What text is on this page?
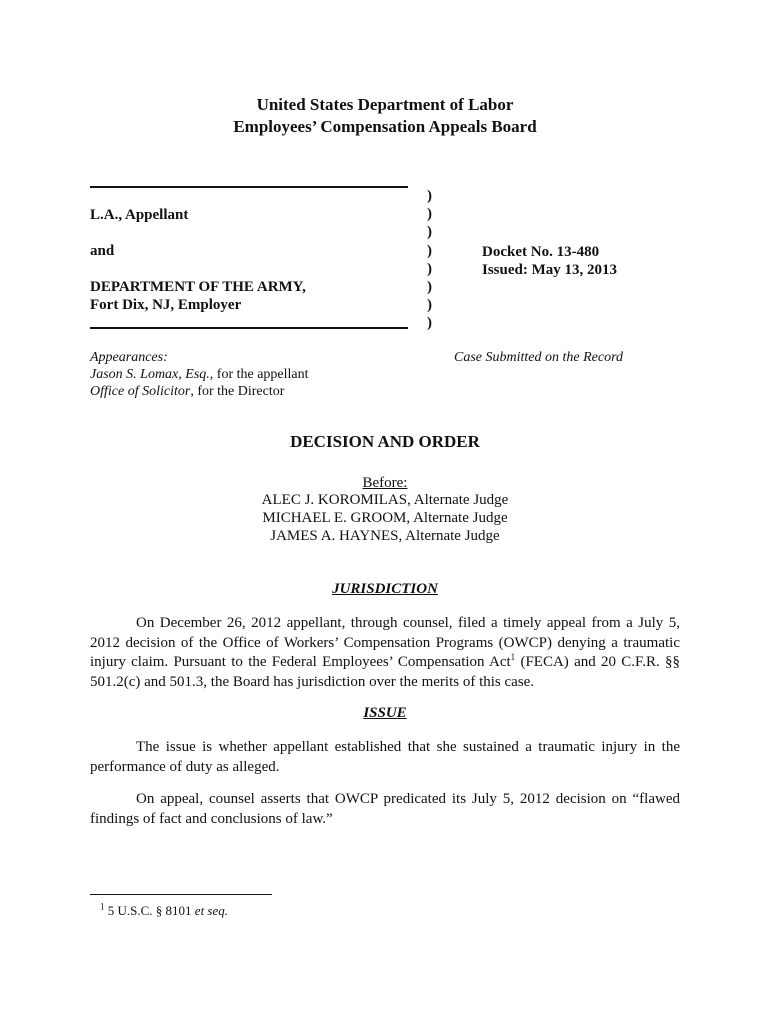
United States Department of Labor
Employees’ Compensation Appeals Board
L.A., Appellant
and
DEPARTMENT OF THE ARMY,
Fort Dix, NJ, Employer
)
)
)
)
)
)
)
)
Docket No. 13-480
Issued: May 13, 2013
Appearances:
Jason S. Lomax, Esq., for the appellant
Office of Solicitor, for the Director
Case Submitted on the Record
DECISION AND ORDER
Before:
ALEC J. KOROMILAS, Alternate Judge
MICHAEL E. GROOM, Alternate Judge
JAMES A. HAYNES, Alternate Judge
JURISDICTION
On December 26, 2012 appellant, through counsel, filed a timely appeal from a July 5, 2012 decision of the Office of Workers’ Compensation Programs (OWCP) denying a traumatic injury claim. Pursuant to the Federal Employees’ Compensation Act$^1$ (FECA) and 20 C.F.R. §§ 501.2(c) and 501.3, the Board has jurisdiction over the merits of this case.
ISSUE
The issue is whether appellant established that she sustained a traumatic injury in the performance of duty as alleged.
On appeal, counsel asserts that OWCP predicated its July 5, 2012 decision on “flawed findings of fact and conclusions of law.”
$^1$ 5 U.S.C. § 8101 et seq.
